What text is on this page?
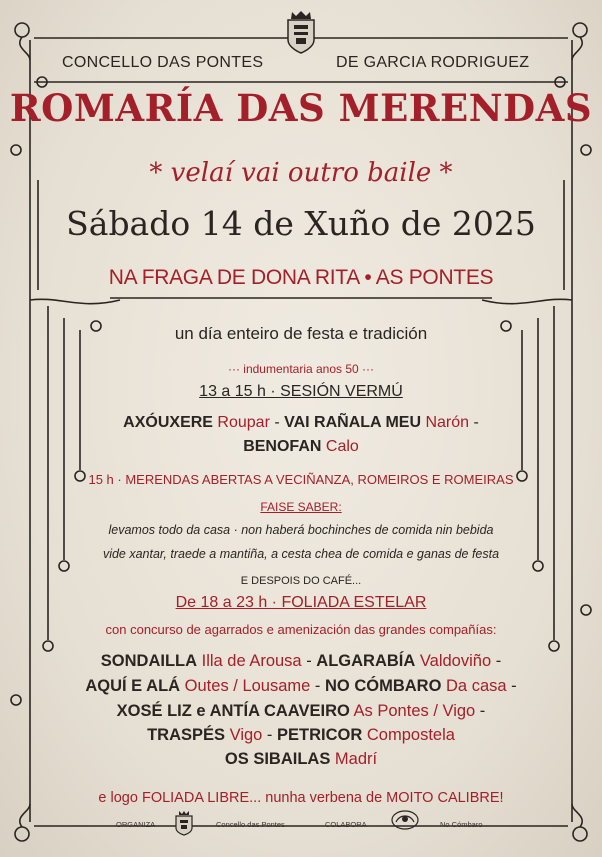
CONCELLO DAS PONTES	DE GARCIA RODRIGUEZ
ROMARÍA DAS MERENDAS
* velaí vai outro baile *
Sábado 14 de Xuño de 2025
NA FRAGA DE DONA RITA • AS PONTES
un día enteiro de festa e tradición
··· indumentaria anos 50 ···
13 a 15 h · SESIÓN VERMÚ
AXÓUXERE Roupar - VAI RAÑALA MEU Narón -
BENOFAN Calo
15 h · MERENDAS ABERTAS A VECIÑANZA, ROMEIROS E ROMEIRAS
FAISE SABER:
levamos todo da casa · non haberá bochinches de comida nin bebida
vide xantar, traede a mantiña, a cesta chea de comida e ganas de festa
E DESPOIS DO CAFÉ...
De 18 a 23 h · FOLIADA ESTELAR
con concurso de agarrados e amenización das grandes compañías:
SONDAILLA Illa de Arousa - ALGARABÍA Valdoviño -
AQUÍ E ALÁ Outes / Lousame - NO CÓMBARO Da casa -
XOSÉ LIZ e ANTÍA CAAVEIRO As Pontes / Vigo -
TRASPÉS Vigo - PETRICOR Compostela
OS SIBAILAS Madrí
e logo FOLIADA LIBRE... nunha verbena de MOITO CALIBRE!
ORGANIZA	Concello das Pontes	COLABORA	No Cómbaro
